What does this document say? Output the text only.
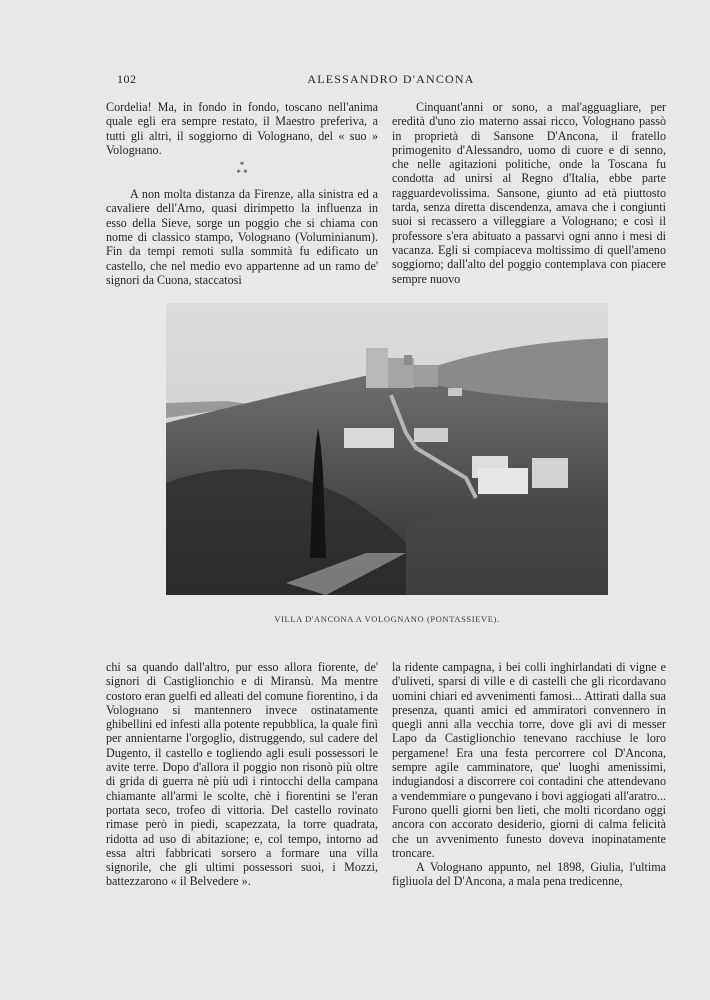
102	ALESSANDRO D'ANCONA

Cordelia! Ma, in fondo in fondo, toscano nell'anima quale egli era sempre restato, il Maestro preferiva, a tutti gli altri, il soggiorno di Vologнano, del « suo » Vologнano.

*
* *

A non molta distanza da Firenze, alla sinistra ed a cavaliere dell'Arno, quasi dirimpetto la influenza in esso della Sieve, sorge un poggio che si chiama con nome di classico stampo, Vologнano (Voluminianum). Fin da tempi remoti sulla sommità fu edificato un castello, che nel medio evo appartenne ad un ramo de' signori da Cuona, staccatosi

Cinquant'anni or sono, a mal'agguagliare, per eredità d'uno zio materno assai ricco, Vologнano passò in proprietà di Sansone D'Ancona, il fratello primogenito d'Alessandro, uomo di cuore e di senno, che nelle agitazioni politiche, onde la Toscana fu condotta ad unirsi al Regno d'Italia, ebbe parte ragguardevolissima. Sansone, giunto ad età piuttosto tarda, senza diretta discendenza, amava che i congiunti suoi si recassero a villeggiare a Vologнano; e così il professore s'era abituato a passarvi ogni anno i mesi di vacanza. Egli si compiaceva moltissimo di quell'ameno soggiorno; dall'alto del poggio contemplava con piacere sempre nuovo

VILLA D'ANCONA A VOLOGNANO (PONTASSIEVE).

chi sa quando dall'altro, pur esso allora fiorente, de' signori di Castiglionchio e di Miransù. Ma mentre costoro eran guelfi ed alleati del comune fiorentino, i da Vologнano si mantennero invece ostinatamente ghibellini ed infesti alla potente repubblica, la quale finì per annientarne l'orgoglio, distruggendo, sul cadere del Dugento, il castello e togliendo agli esuli possessori le avite terre. Dopo d'allora il poggio non risonò più oltre di grida di guerra nè più udì i rintocchi della campana chiamante all'armi le scolte, chè i fiorentini se l'eran portata seco, trofeo di vittoria. Del castello rovinato rimase però in piedi, scapezzata, la torre quadrata, ridotta ad uso di abitazione; e, col tempo, intorno ad essa altri fabbricati sorsero a formare una villa signorile, che gli ultimi possessori suoi, i Mozzi, battezzarono « il Belvedere ».

la ridente campagna, i bei colli inghirlandati di vigne e d'uliveti, sparsi di ville e di castelli che gli ricordavano uomini chiari ed avvenimenti famosi... Attirati dalla sua presenza, quanti amici ed ammiratori convennero in quegli anni alla vecchia torre, dove gli avi di messer Lapo da Castiglionchio tenevano racchiuse le loro pergamene! Era una festa percorrere col D'Ancona, sempre agile camminatore, que' luoghi amenissimi, indugiandosi a discorrere coi contadini che attendevano a vendemmiare o pungevano i bovi aggiogati all'aratro... Furono quelli giorni ben lieti, che molti ricordano oggi ancora con accorato desiderio, giorni di calma felicità che un avvenimento funesto doveva inopinatamente troncare.

A Vologнano appunto, nel 1898, Giulia, l'ultima figliuola del D'Ancona, a mala pena tredicenne,
